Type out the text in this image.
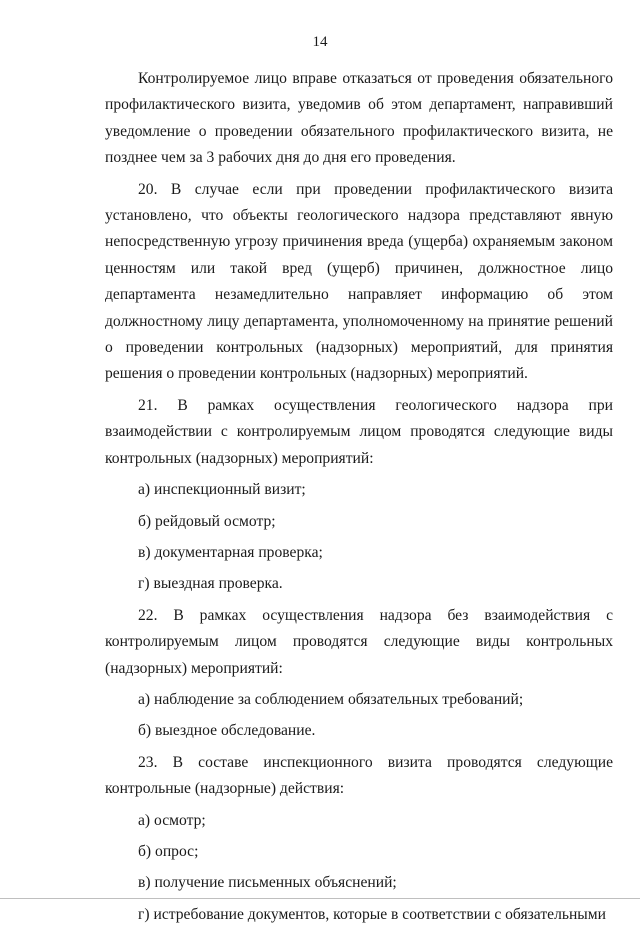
14

Контролируемое лицо вправе отказаться от проведения обязательного профилактического визита, уведомив об этом департамент, направивший уведомление о проведении обязательного профилактического визита, не позднее чем за 3 рабочих дня до дня его проведения.

20. В случае если при проведении профилактического визита установлено, что объекты геологического надзора представляют явную непосредственную угрозу причинения вреда (ущерба) охраняемым законом ценностям или такой вред (ущерб) причинен, должностное лицо департамента незамедлительно направляет информацию об этом должностному лицу департамента, уполномоченному на принятие решений о проведении контрольных (надзорных) мероприятий, для принятия решения о проведении контрольных (надзорных) мероприятий.

21. В рамках осуществления геологического надзора при взаимодействии с контролируемым лицом проводятся следующие виды контрольных (надзорных) мероприятий:

а) инспекционный визит;

б) рейдовый осмотр;

в) документарная проверка;

г) выездная проверка.

22. В рамках осуществления надзора без взаимодействия с контролируемым лицом проводятся следующие виды контрольных (надзорных) мероприятий:

а) наблюдение за соблюдением обязательных требований;

б) выездное обследование.

23. В составе инспекционного визита проводятся следующие контрольные (надзорные) действия:

а) осмотр;

б) опрос;

в) получение письменных объяснений;

г) истребование документов, которые в соответствии с обязательными
